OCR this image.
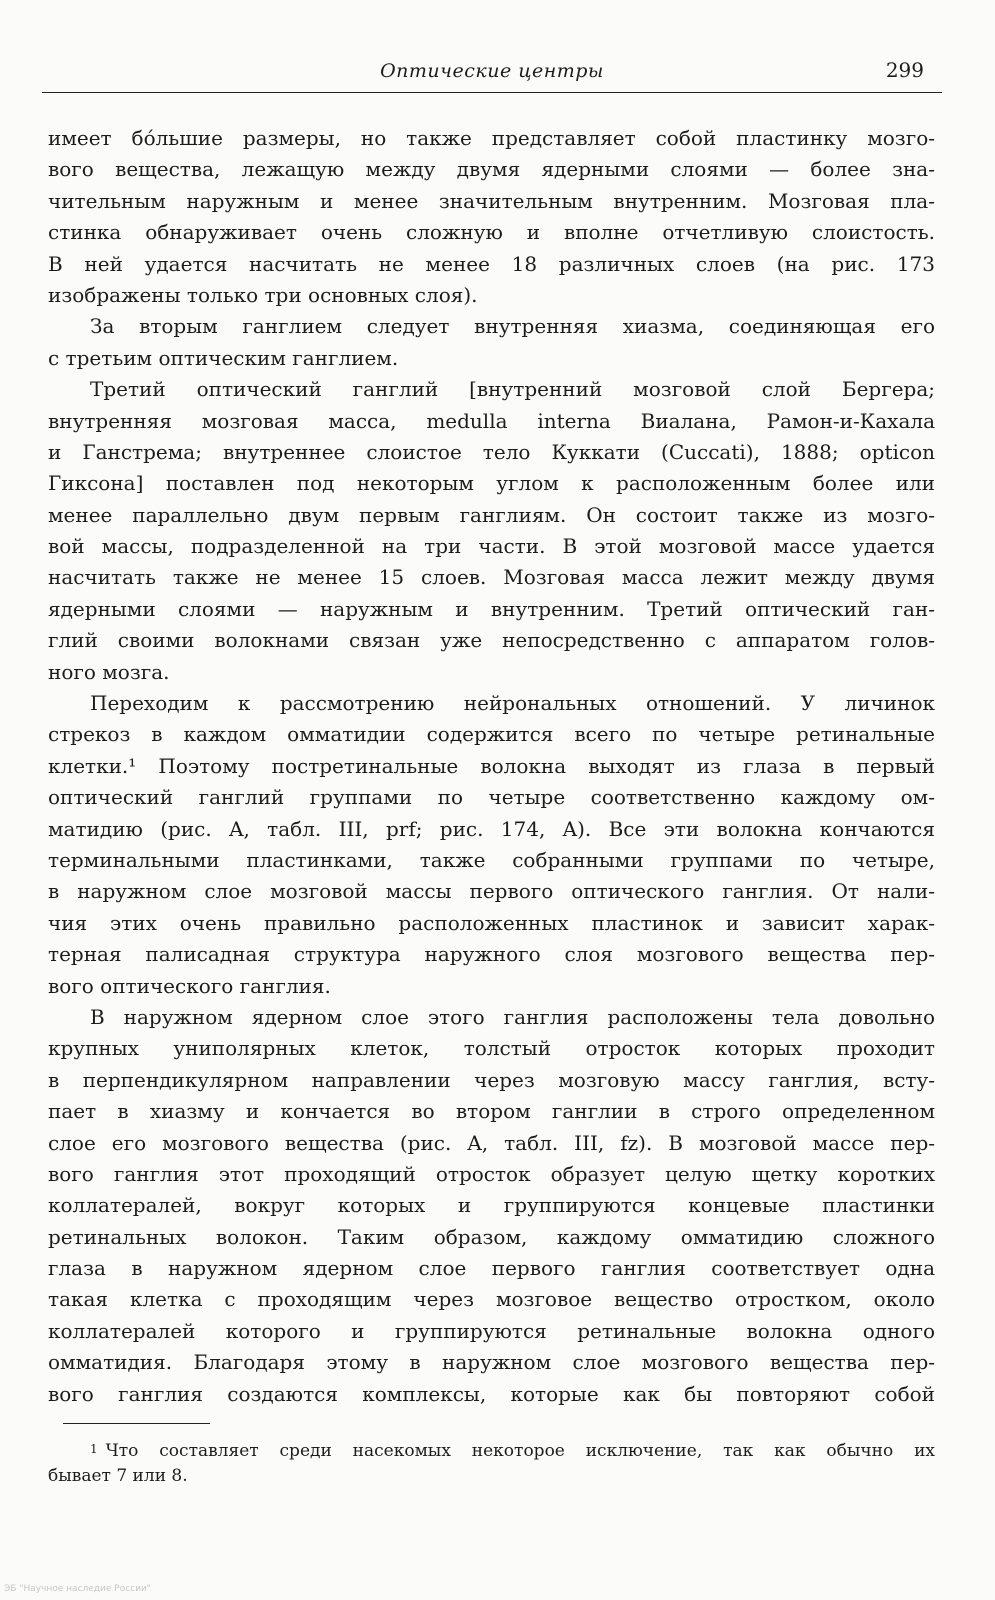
Оптические центры	299

имеет бо́льшие размеры, но также представляет собой пластинку мозго-
вого вещества, лежащую между двумя ядерными слоями — более зна-
чительным наружным и менее значительным внутренним. Мозговая пла-
стинка обнаруживает очень сложную и вполне отчетливую слоистость.
В ней удается насчитать не менее 18 различных слоев (на рис. 173
изображены только три основных слоя).

За вторым ганглием следует внутренняя хиазма, соединяющая его
с третьим оптическим ганглием.

Третий оптический ганглий [внутренний мозговой слой Бергера;
внутренняя мозговая масса, medulla interna Виалана, Рамон-и-Кахала
и Ганстрема; внутреннее слоистое тело Куккати (Cuccati), 1888; opticon
Гиксона] поставлен под некоторым углом к расположенным более или
менее параллельно двум первым ганглиям. Он состоит также из мозго-
вой массы, подразделенной на три части. В этой мозговой массе удается
насчитать также не менее 15 слоев. Мозговая масса лежит между двумя
ядерными слоями — наружным и внутренним. Третий оптический ган-
глий своими волокнами связан уже непосредственно с аппаратом голов-
ного мозга.

Переходим к рассмотрению нейрональных отношений. У личинок
стрекоз в каждом омматидии содержится всего по четыре ретинальные
клетки.¹ Поэтому постретинальные волокна выходят из глаза в первый
оптический ганглий группами по четыре соответственно каждому ом-
матидию (рис. A, табл. III, prf; рис. 174, A). Все эти волокна кончаются
терминальными пластинками, также собранными группами по четыре,
в наружном слое мозговой массы первого оптического ганглия. От нали-
чия этих очень правильно расположенных пластинок и зависит харак-
терная палисадная структура наружного слоя мозгового вещества пер-
вого оптического ганглия.

В наружном ядерном слое этого ганглия расположены тела довольно
крупных униполярных клеток, толстый отросток которых проходит
в перпендикулярном направлении через мозговую массу ганглия, всту-
пает в хиазму и кончается во втором ганглии в строго определенном
слое его мозгового вещества (рис. A, табл. III, fz). В мозговой массе пер-
вого ганглия этот проходящий отросток образует целую щетку коротких
коллатералей, вокруг которых и группируются концевые пластинки
ретинальных волокон. Таким образом, каждому омматидию сложного
глаза в наружном ядерном слое первого ганглия соответствует одна
такая клетка с проходящим через мозговое вещество отростком, около
коллатералей которого и группируются ретинальные волокна одного
омматидия. Благодаря этому в наружном слое мозгового вещества пер-
вого ганглия создаются комплексы, которые как бы повторяют собой

1 Что составляет среди насекомых некоторое исключение, так как обычно их
бывает 7 или 8.
ЭБ "Научное наследие России"
